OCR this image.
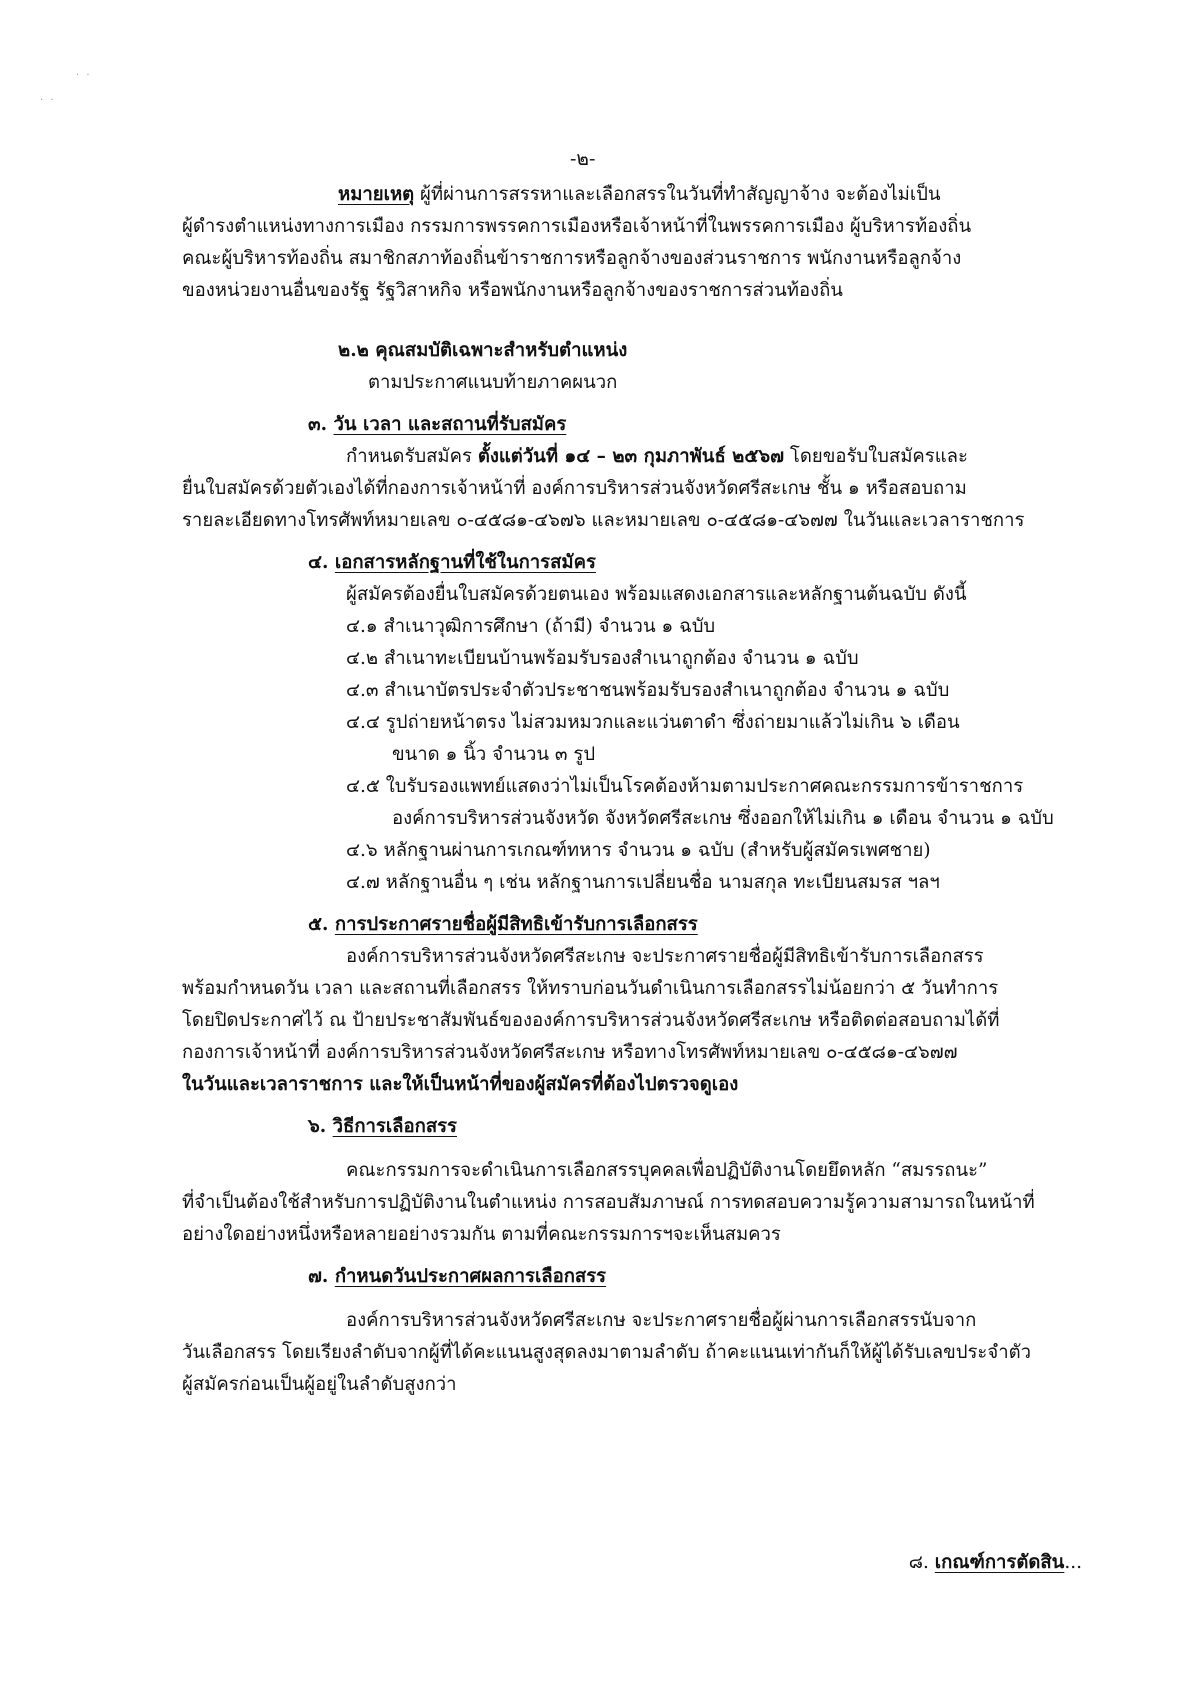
· ·
· ·
-๒-
หมายเหตุ ผู้ที่ผ่านการสรรหาและเลือกสรรในวันที่ทำสัญญาจ้าง จะต้องไม่เป็น
ผู้ดำรงตำแหน่งทางการเมือง กรรมการพรรคการเมืองหรือเจ้าหน้าที่ในพรรคการเมือง ผู้บริหารท้องถิ่น
คณะผู้บริหารท้องถิ่น สมาชิกสภาท้องถิ่นข้าราชการหรือลูกจ้างของส่วนราชการ พนักงานหรือลูกจ้าง
ของหน่วยงานอื่นของรัฐ รัฐวิสาหกิจ หรือพนักงานหรือลูกจ้างของราชการส่วนท้องถิ่น
๒.๒ คุณสมบัติเฉพาะสำหรับตำแหน่ง
ตามประกาศแนบท้ายภาคผนวก
๓. วัน เวลา และสถานที่รับสมัคร
กำหนดรับสมัคร ตั้งแต่วันที่ ๑๔ – ๒๓ กุมภาพันธ์ ๒๕๖๗ โดยขอรับใบสมัครและ
ยื่นใบสมัครด้วยตัวเองได้ที่กองการเจ้าหน้าที่ องค์การบริหารส่วนจังหวัดศรีสะเกษ ชั้น ๑ หรือสอบถาม
รายละเอียดทางโทรศัพท์หมายเลข ๐-๔๕๘๑-๔๖๗๖ และหมายเลข ๐-๔๕๘๑-๔๖๗๗ ในวันและเวลาราชการ
๔. เอกสารหลักฐานที่ใช้ในการสมัคร
ผู้สมัครต้องยื่นใบสมัครด้วยตนเอง พร้อมแสดงเอกสารและหลักฐานต้นฉบับ ดังนี้
๔.๑ สำเนาวุฒิการศึกษา (ถ้ามี) จำนวน ๑ ฉบับ
๔.๒ สำเนาทะเบียนบ้านพร้อมรับรองสำเนาถูกต้อง จำนวน ๑ ฉบับ
๔.๓ สำเนาบัตรประจำตัวประชาชนพร้อมรับรองสำเนาถูกต้อง จำนวน ๑ ฉบับ
๔.๔ รูปถ่ายหน้าตรง ไม่สวมหมวกและแว่นตาดำ ซึ่งถ่ายมาแล้วไม่เกิน ๖ เดือน
ขนาด ๑ นิ้ว จำนวน ๓ รูป
๔.๕ ใบรับรองแพทย์แสดงว่าไม่เป็นโรคต้องห้ามตามประกาศคณะกรรมการข้าราชการ
องค์การบริหารส่วนจังหวัด จังหวัดศรีสะเกษ ซึ่งออกให้ไม่เกิน ๑ เดือน จำนวน ๑ ฉบับ
๔.๖ หลักฐานผ่านการเกณฑ์ทหาร จำนวน ๑ ฉบับ (สำหรับผู้สมัครเพศชาย)
๔.๗ หลักฐานอื่น ๆ เช่น หลักฐานการเปลี่ยนชื่อ นามสกุล ทะเบียนสมรส ฯลฯ
๕. การประกาศรายชื่อผู้มีสิทธิเข้ารับการเลือกสรร
องค์การบริหารส่วนจังหวัดศรีสะเกษ จะประกาศรายชื่อผู้มีสิทธิเข้ารับการเลือกสรร
พร้อมกำหนดวัน เวลา และสถานที่เลือกสรร ให้ทราบก่อนวันดำเนินการเลือกสรรไม่น้อยกว่า ๕ วันทำการ
โดยปิดประกาศไว้ ณ ป้ายประชาสัมพันธ์ขององค์การบริหารส่วนจังหวัดศรีสะเกษ หรือติดต่อสอบถามได้ที่
กองการเจ้าหน้าที่ องค์การบริหารส่วนจังหวัดศรีสะเกษ หรือทางโทรศัพท์หมายเลข ๐-๔๕๘๑-๔๖๗๗
ในวันและเวลาราชการ และให้เป็นหน้าที่ของผู้สมัครที่ต้องไปตรวจดูเอง
๖. วิธีการเลือกสรร
คณะกรรมการจะดำเนินการเลือกสรรบุคคลเพื่อปฏิบัติงานโดยยึดหลัก “สมรรถนะ”
ที่จำเป็นต้องใช้สำหรับการปฏิบัติงานในตำแหน่ง การสอบสัมภาษณ์ การทดสอบความรู้ความสามารถในหน้าที่
อย่างใดอย่างหนึ่งหรือหลายอย่างรวมกัน ตามที่คณะกรรมการฯจะเห็นสมควร
๗. กำหนดวันประกาศผลการเลือกสรร
องค์การบริหารส่วนจังหวัดศรีสะเกษ จะประกาศรายชื่อผู้ผ่านการเลือกสรรนับจาก
วันเลือกสรร โดยเรียงลำดับจากผู้ที่ได้คะแนนสูงสุดลงมาตามลำดับ ถ้าคะแนนเท่ากันก็ให้ผู้ได้รับเลขประจำตัว
ผู้สมัครก่อนเป็นผู้อยู่ในลำดับสูงกว่า
๘. เกณฑ์การตัดสิน...
